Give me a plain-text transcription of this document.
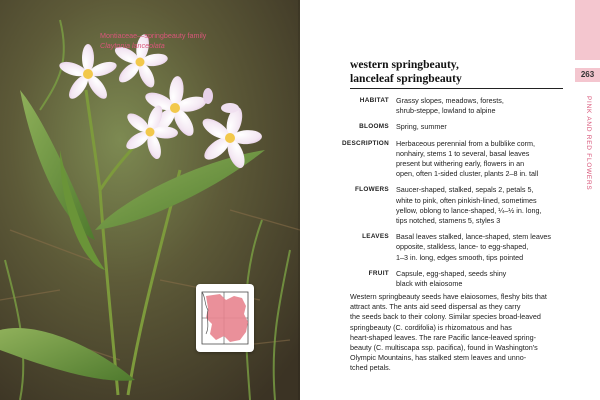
Montiaceae—springbeauty family
Claytonia lanceolata
western springbeauty,
lanceleaf springbeauty
HABITAT Grassy slopes, meadows, forests,
shrub-steppe, lowland to alpine
BLOOMS Spring, summer
DESCRIPTION Herbaceous perennial from a bulblike corm,
nonhairy, stems 1 to several, basal leaves
present but withering early, flowers in an
open, often 1-sided cluster, plants 2–8 in. tall
FLOWERS Saucer-shaped, stalked, sepals 2, petals 5,
white to pink, often pinkish-lined, sometimes
yellow, oblong to lance-shaped, ¼–½ in. long,
tips notched, stamens 5, styles 3
LEAVES Basal leaves stalked, lance-shaped, stem leaves
opposite, stalkless, lance- to egg-shaped,
1–3 in. long, edges smooth, tips pointed
FRUIT Capsule, egg-shaped, seeds shiny
black with elaiosome
Western springbeauty seeds have elaiosomes, fleshy bits that
attract ants. The ants aid seed dispersal as they carry
the seeds back to their colony. Similar species broad-leaved
springbeauty (C. cordifolia) is rhizomatous and has
heart-shaped leaves. The rare Pacific lance-leaved spring-
beauty (C. multiscapa ssp. pacifica), found in Washington's
Olympic Mountains, has stalked stem leaves and unno-
tched petals.
263
PINK AND RED FLOWERS
